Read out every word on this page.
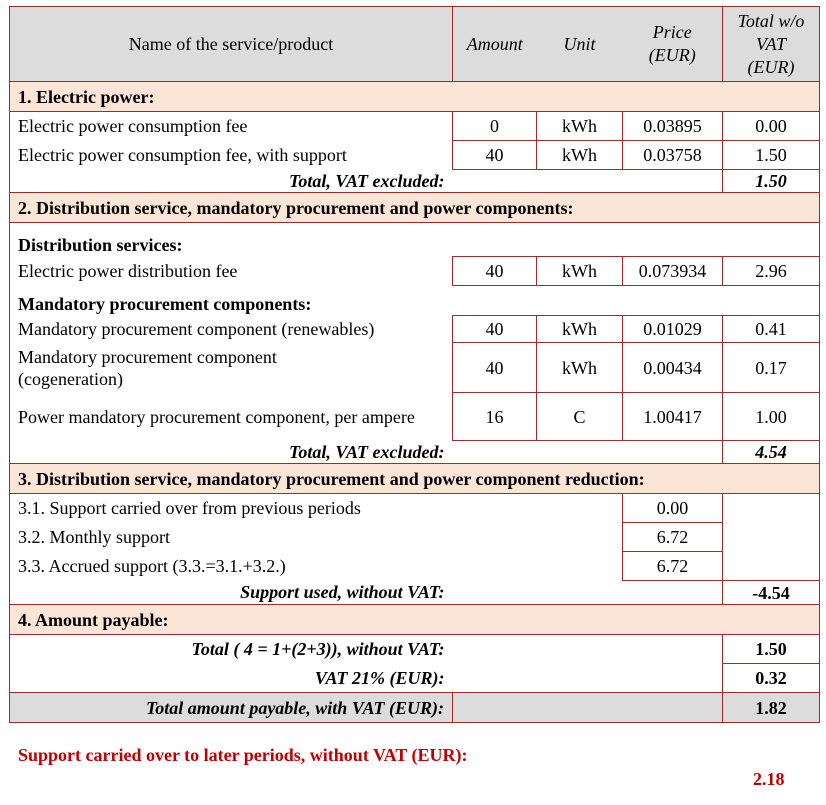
Name of the service/product	Amount	Unit	Price (EUR)	Total w/o VAT (EUR)
1. Electric power:				
Electric power consumption fee	0	kWh	0.03895	0.00
Electric power consumption fee, with support	40	kWh	0.03758	1.50
Total, VAT excluded:				1.50
2. Distribution service, mandatory procurement and power components:				
Distribution services:				
Electric power distribution fee	40	kWh	0.073934	2.96
Mandatory procurement components:				
Mandatory procurement component (renewables)	40	kWh	0.01029	0.41
Mandatory procurement component (cogeneration)	40	kWh	0.00434	0.17
Power mandatory procurement component, per ampere	16	C	1.00417	1.00
Total, VAT excluded:				4.54
3. Distribution service, mandatory procurement and power component reduction:				
3.1. Support carried over from previous periods			0.00	
3.2. Monthly support			6.72	
3.3. Accrued support (3.3.=3.1.+3.2.)			6.72	
Support used, without VAT:				-4.54
4. Amount payable:				
Total ( 4 = 1+(2+3)), without VAT:				1.50
VAT 21% (EUR):				0.32
Total amount payable, with VAT (EUR):				1.82
Support carried over to later periods, without VAT (EUR):
2.18
